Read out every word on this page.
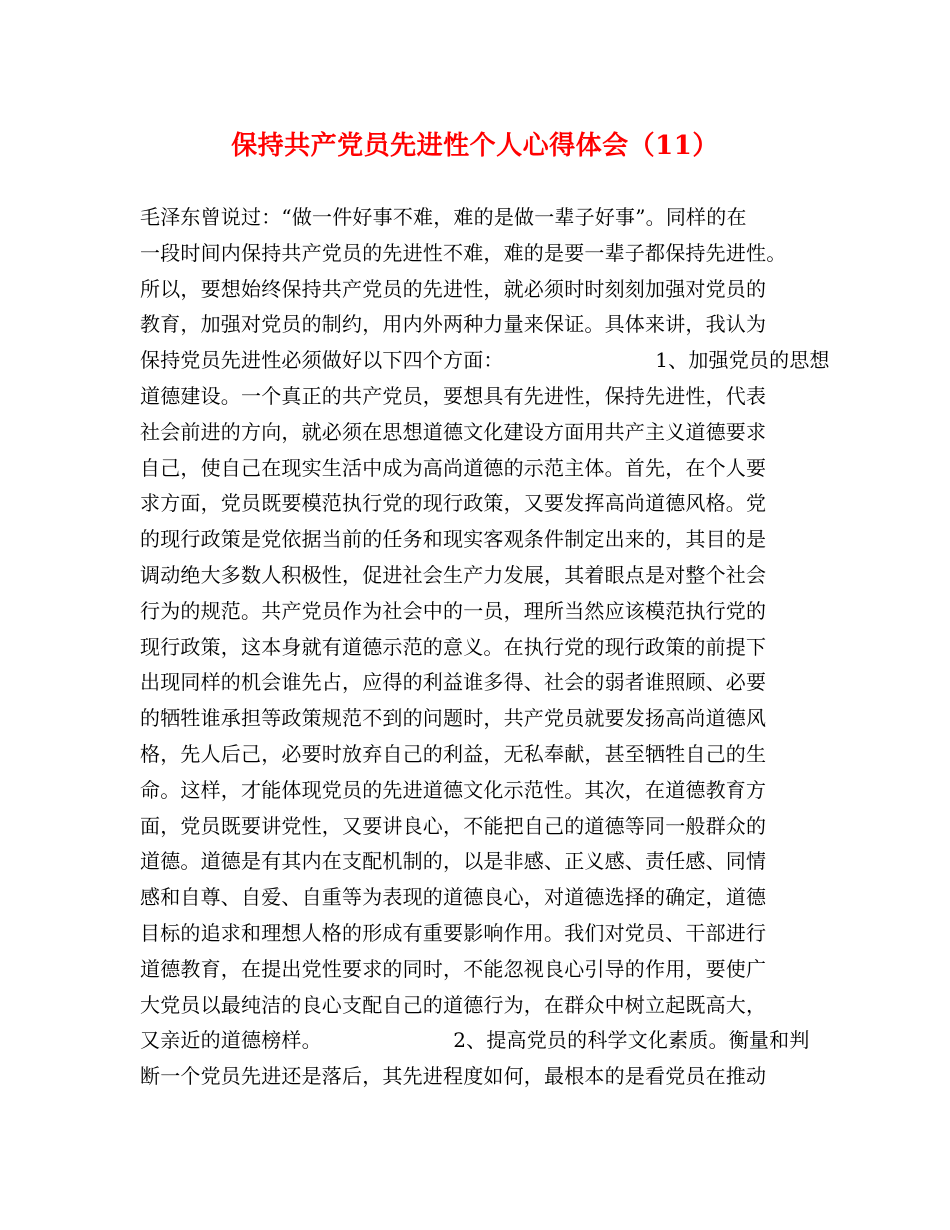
保持共产党员先进性个人心得体会（11）
毛泽东曾说过：“做一件好事不难，难的是做一辈子好事”。同样的在
一段时间内保持共产党员的先进性不难，难的是要一辈子都保持先进性。
所以，要想始终保持共产党员的先进性，就必须时时刻刻加强对党员的
教育，加强对党员的制约，用内外两种力量来保证。具体来讲，我认为
保持党员先进性必须做好以下四个方面：　　　　　　　　1、加强党员的思想
道德建设。一个真正的共产党员，要想具有先进性，保持先进性，代表
社会前进的方向，就必须在思想道德文化建设方面用共产主义道德要求
自己，使自己在现实生活中成为高尚道德的示范主体。首先，在个人要
求方面，党员既要模范执行党的现行政策，又要发挥高尚道德风格。党
的现行政策是党依据当前的任务和现实客观条件制定出来的，其目的是
调动绝大多数人积极性，促进社会生产力发展，其着眼点是对整个社会
行为的规范。共产党员作为社会中的一员，理所当然应该模范执行党的
现行政策，这本身就有道德示范的意义。在执行党的现行政策的前提下
出现同样的机会谁先占，应得的利益谁多得、社会的弱者谁照顾、必要
的牺牲谁承担等政策规范不到的问题时，共产党员就要发扬高尚道德风
格，先人后己，必要时放弃自己的利益，无私奉献，甚至牺牲自己的生
命。这样，才能体现党员的先进道德文化示范性。其次，在道德教育方
面，党员既要讲党性，又要讲良心，不能把自己的道德等同一般群众的
道德。道德是有其内在支配机制的，以是非感、正义感、责任感、同情
感和自尊、自爱、自重等为表现的道德良心，对道德选择的确定，道德
目标的追求和理想人格的形成有重要影响作用。我们对党员、干部进行
道德教育，在提出党性要求的同时，不能忽视良心引导的作用，要使广
大党员以最纯洁的良心支配自己的道德行为，在群众中树立起既高大，
又亲近的道德榜样。　　　　　　　2、提高党员的科学文化素质。衡量和判
断一个党员先进还是落后，其先进程度如何，最根本的是看党员在推动
